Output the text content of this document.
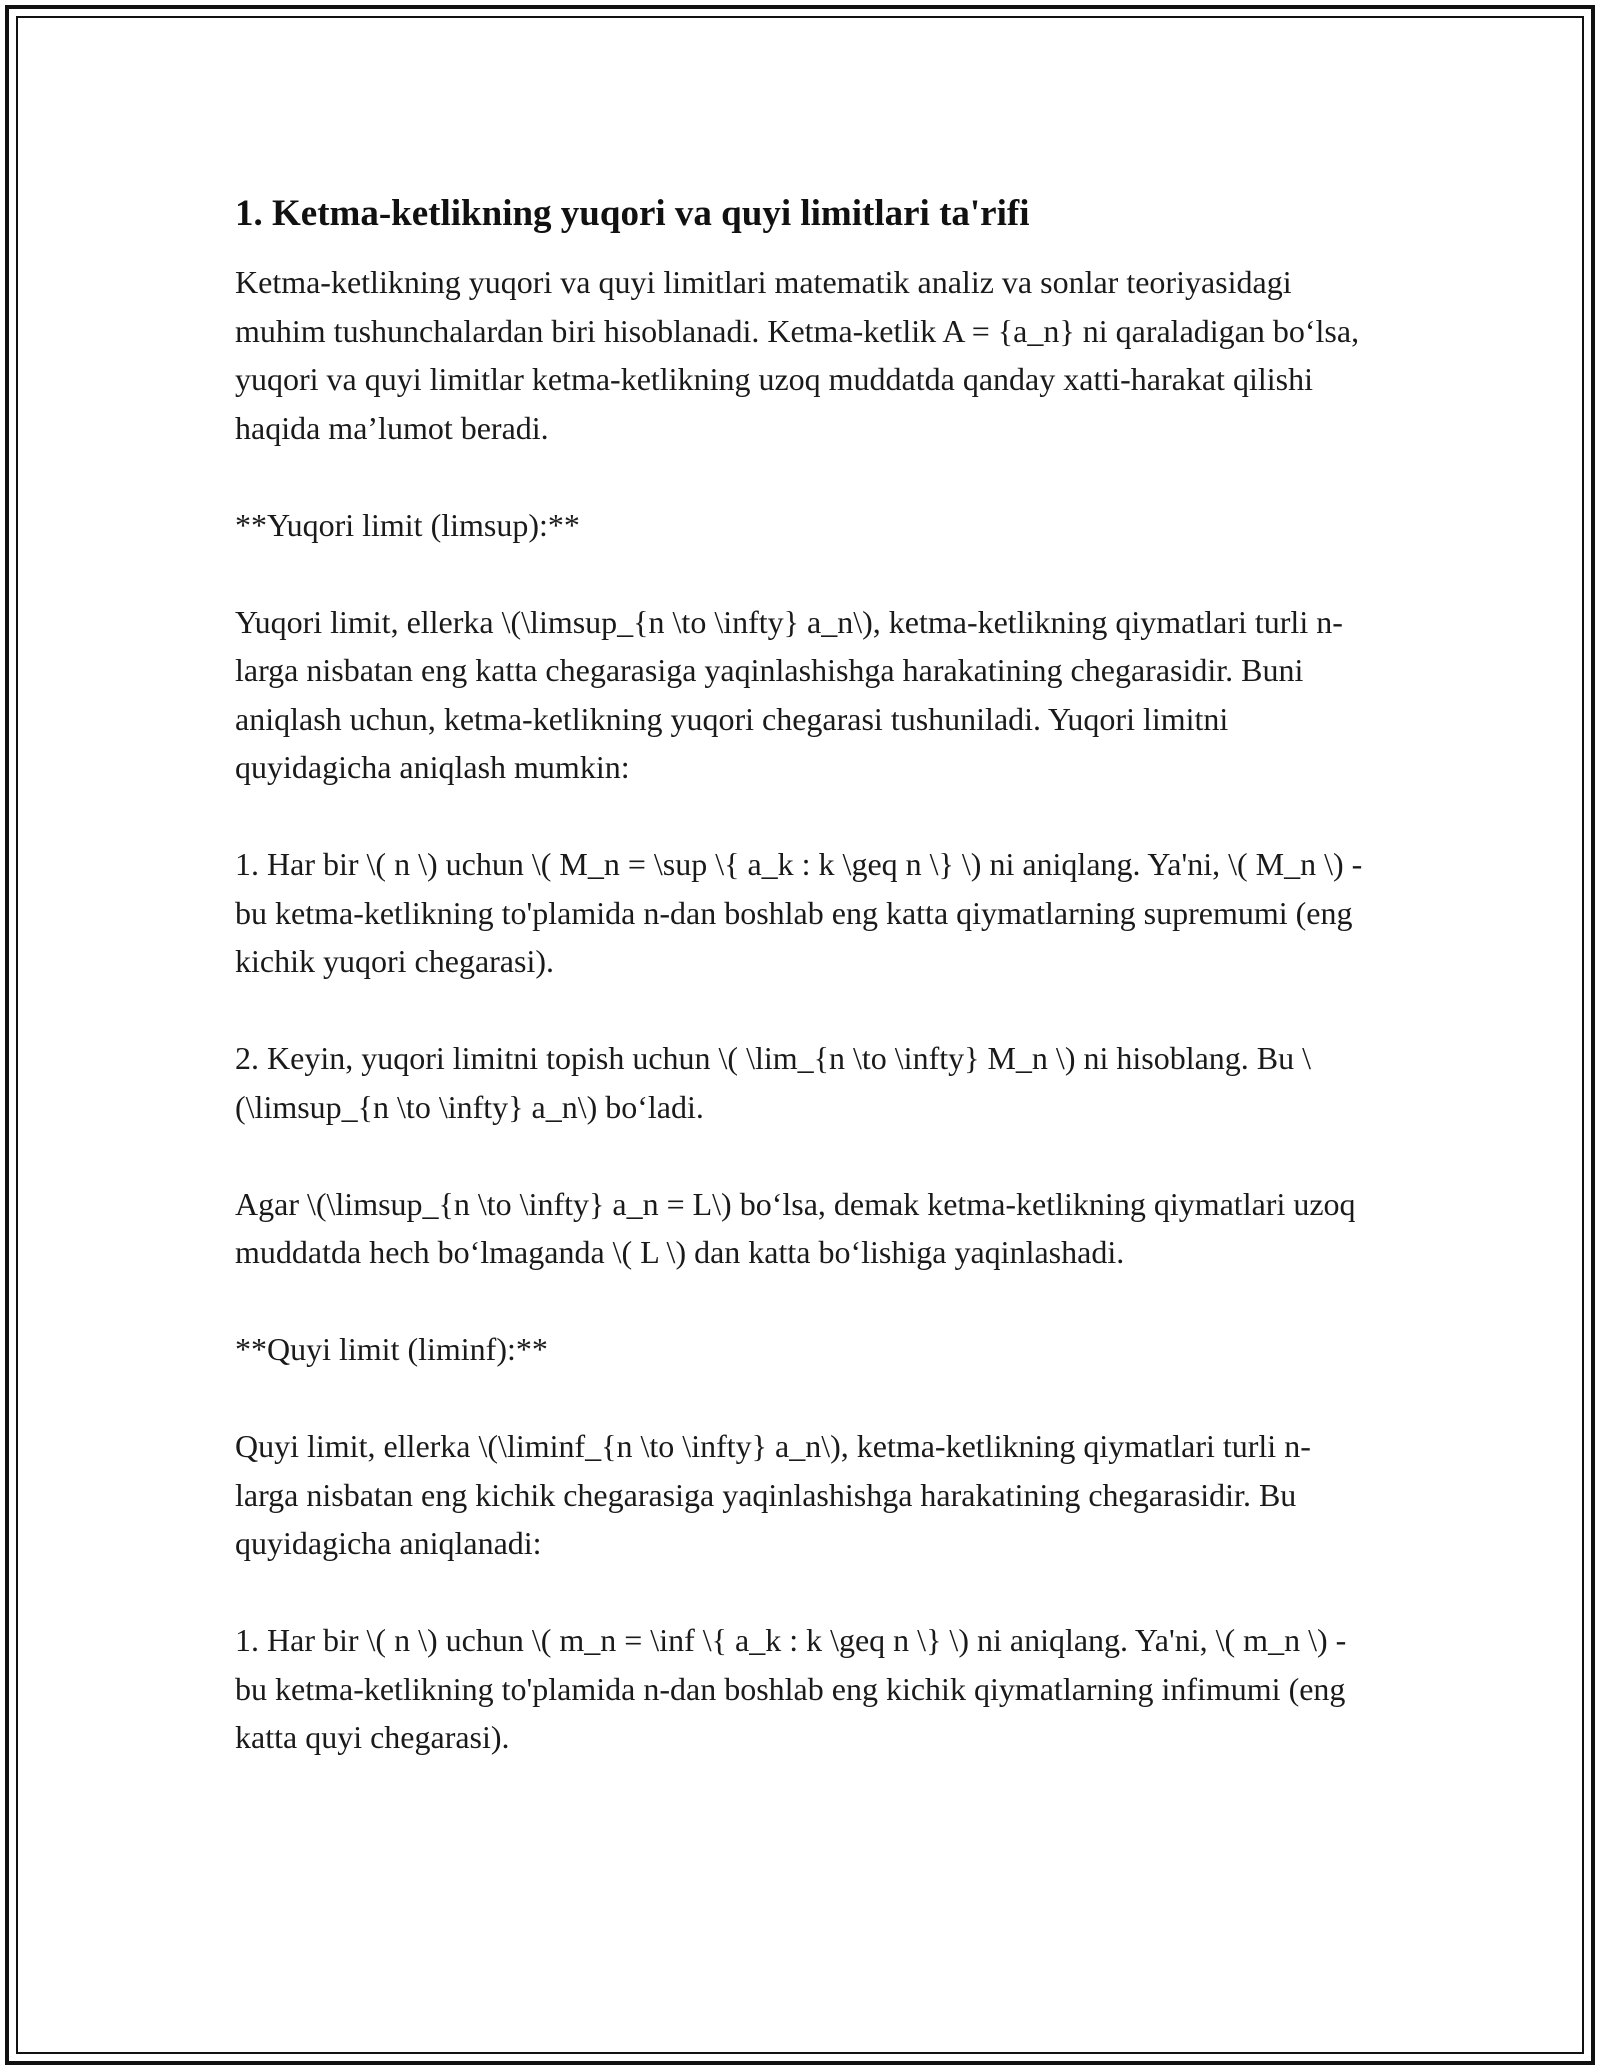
1. Ketma-ketlikning yuqori va quyi limitlari ta'rifi

Ketma-ketlikning yuqori va quyi limitlari matematik analiz va sonlar teoriyasidagi muhim tushunchalardan biri hisoblanadi. Ketma-ketlik A = {a_n} ni qaraladigan bo‘lsa, yuqori va quyi limitlar ketma-ketlikning uzoq muddatda qanday xatti-harakat qilishi haqida ma’lumot beradi.

**Yuqori limit (limsup):**

Yuqori limit, ellerka \(\limsup_{n \to \infty} a_n\), ketma-ketlikning qiymatlari turli n-larga nisbatan eng katta chegarasiga yaqinlashishga harakatining chegarasidir. Buni aniqlash uchun, ketma-ketlikning yuqori chegarasi tushuniladi. Yuqori limitni quyidagicha aniqlash mumkin:

1. Har bir \( n \) uchun \( M_n = \sup \{ a_k : k \geq n \} \) ni aniqlang. Ya'ni, \( M_n \) - bu ketma-ketlikning to'plamida n-dan boshlab eng katta qiymatlarning supremumi (eng kichik yuqori chegarasi).

2. Keyin, yuqori limitni topish uchun \( \lim_{n \to \infty} M_n \) ni hisoblang. Bu \(\limsup_{n \to \infty} a_n\) bo‘ladi.

Agar \(\limsup_{n \to \infty} a_n = L\) bo‘lsa, demak ketma-ketlikning qiymatlari uzoq muddatda hech bo‘lmaganda \( L \) dan katta bo‘lishiga yaqinlashadi.

**Quyi limit (liminf):**

Quyi limit, ellerka \(\liminf_{n \to \infty} a_n\), ketma-ketlikning qiymatlari turli n-larga nisbatan eng kichik chegarasiga yaqinlashishga harakatining chegarasidir. Bu quyidagicha aniqlanadi:

1. Har bir \( n \) uchun \( m_n = \inf \{ a_k : k \geq n \} \) ni aniqlang. Ya'ni, \( m_n \) - bu ketma-ketlikning to'plamida n-dan boshlab eng kichik qiymatlarning infimumi (eng katta quyi chegarasi).
